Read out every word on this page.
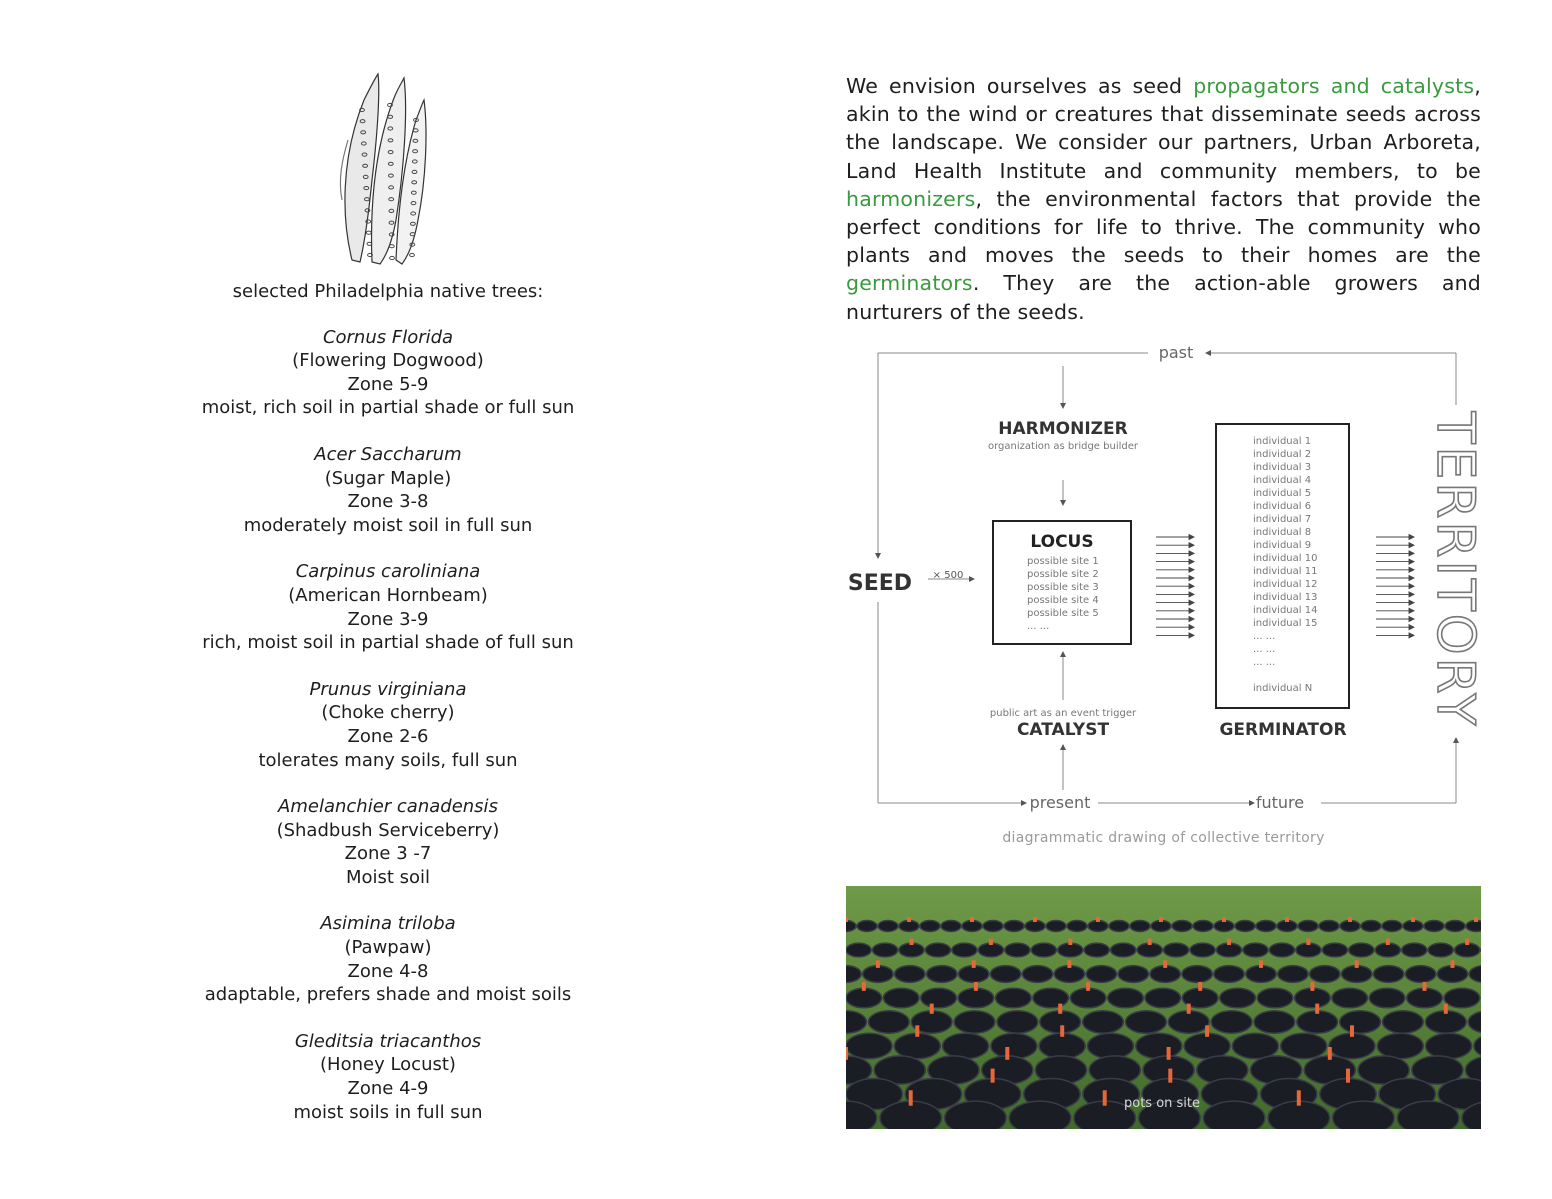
selected Philadelphia native trees:
Cornus Florida
(Flowering Dogwood)
Zone 5-9
moist, rich soil in partial shade or full sun
Acer Saccharum
(Sugar Maple)
Zone 3-8
moderately moist soil in full sun
Carpinus caroliniana
(American Hornbeam)
Zone 3-9
rich, moist soil in partial shade of full sun
Prunus virginiana
(Choke cherry)
Zone 2-6
tolerates many soils, full sun
Amelanchier canadensis
(Shadbush Serviceberry)
Zone 3 -7
Moist soil
Asimina triloba
(Pawpaw)
Zone 4-8
adaptable, prefers shade and moist soils
Gleditsia triacanthos
(Honey Locust)
Zone 4-9
moist soils in full sun

We envision ourselves as seed propagators and catalysts, akin to the wind or creatures that disseminate seeds across the landscape. We consider our partners, Urban Arboreta, Land Health Institute and community members, to be harmonizers, the environmental factors that provide the perfect conditions for life to thrive. The community who plants and moves the seeds to their homes are the germinators. They are the action-able growers and nurturers of the seeds.

past
present	future
HARMONIZER
organization as bridge builder
SEED × 500
LOCUS
possible site 1
possible site 2
possible site 3
possible site 4
possible site 5
... ...
public art as an event trigger
CATALYST
individual 1
individual 2
individual 3
individual 4
individual 5
individual 6
individual 7
individual 8
individual 9
individual 10
individual 11
individual 12
individual 13
individual 14
individual 15
... ...
... ...
... ...
individual N
GERMINATOR
TERRITORY
diagrammatic drawing of collective territory
pots on site
